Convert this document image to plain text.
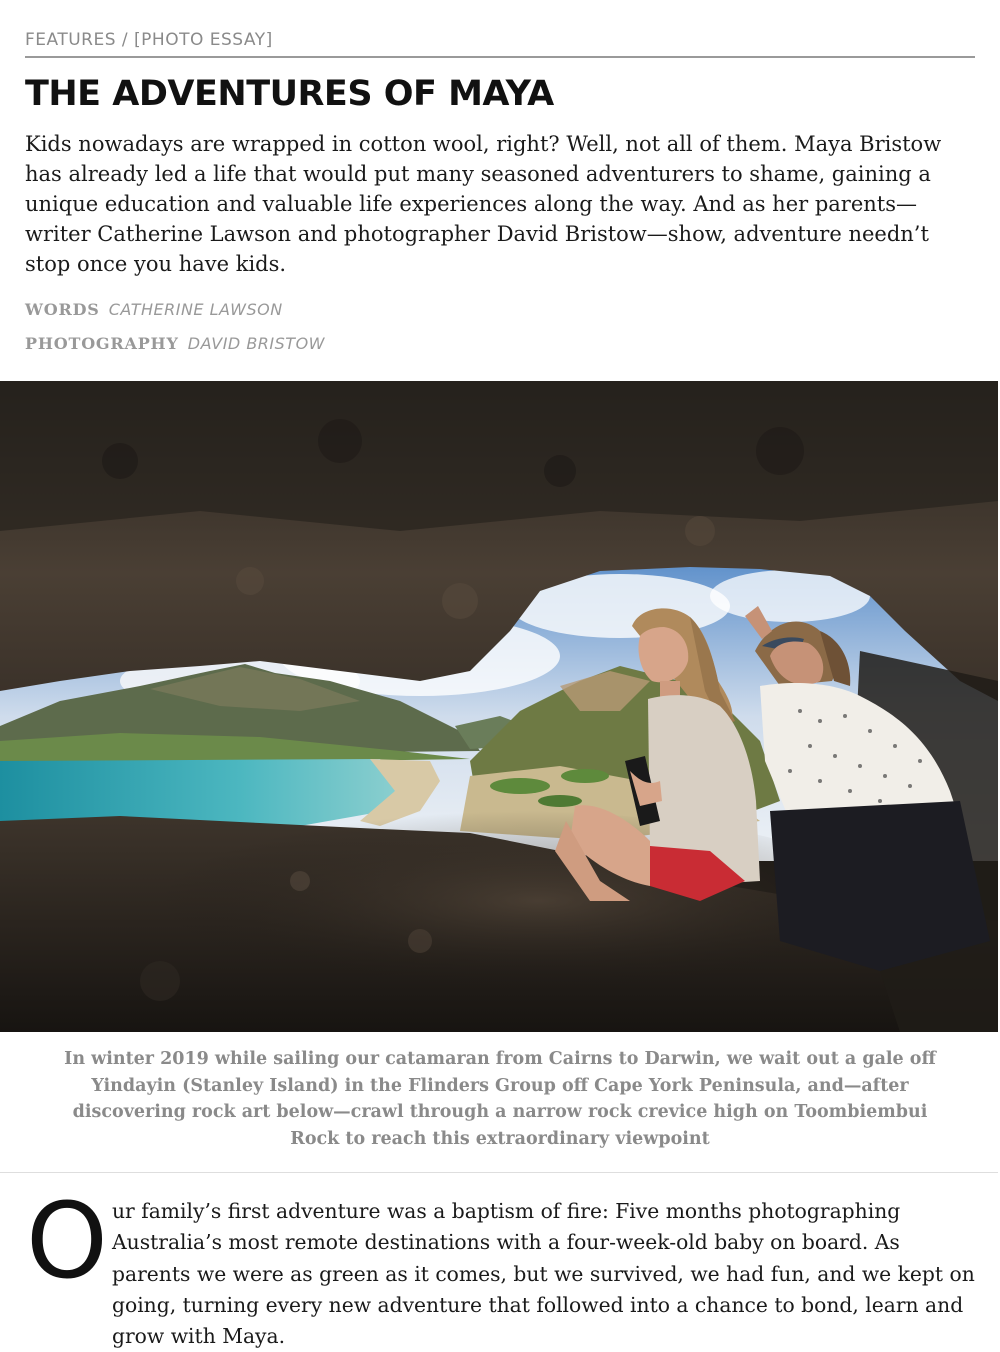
FEATURES / [PHOTO ESSAY]
THE ADVENTURES OF MAYA

Kids nowadays are wrapped in cotton wool, right? Well, not all of them. Maya Bristow has already led a life that would put many seasoned adventurers to shame, gaining a unique education and valuable life experiences along the way. And as her parents—writer Catherine Lawson and photographer David Bristow—show, adventure needn’t stop once you have kids.

WORDS CATHERINE LAWSON
PHOTOGRAPHY DAVID BRISTOW

In winter 2019 while sailing our catamaran from Cairns to Darwin, we wait out a gale off Yindayin (Stanley Island) in the Flinders Group off Cape York Peninsula, and—after discovering rock art below—crawl through a narrow rock crevice high on Toombiembui Rock to reach this extraordinary viewpoint

O ur family’s first adventure was a baptism of fire: Five months photographing Australia’s most remote destinations with a four-week-old baby on board. As parents we were as green as it comes, but we survived, we had fun, and we kept on going, turning every new adventure that followed into a chance to bond, learn and grow with Maya.
